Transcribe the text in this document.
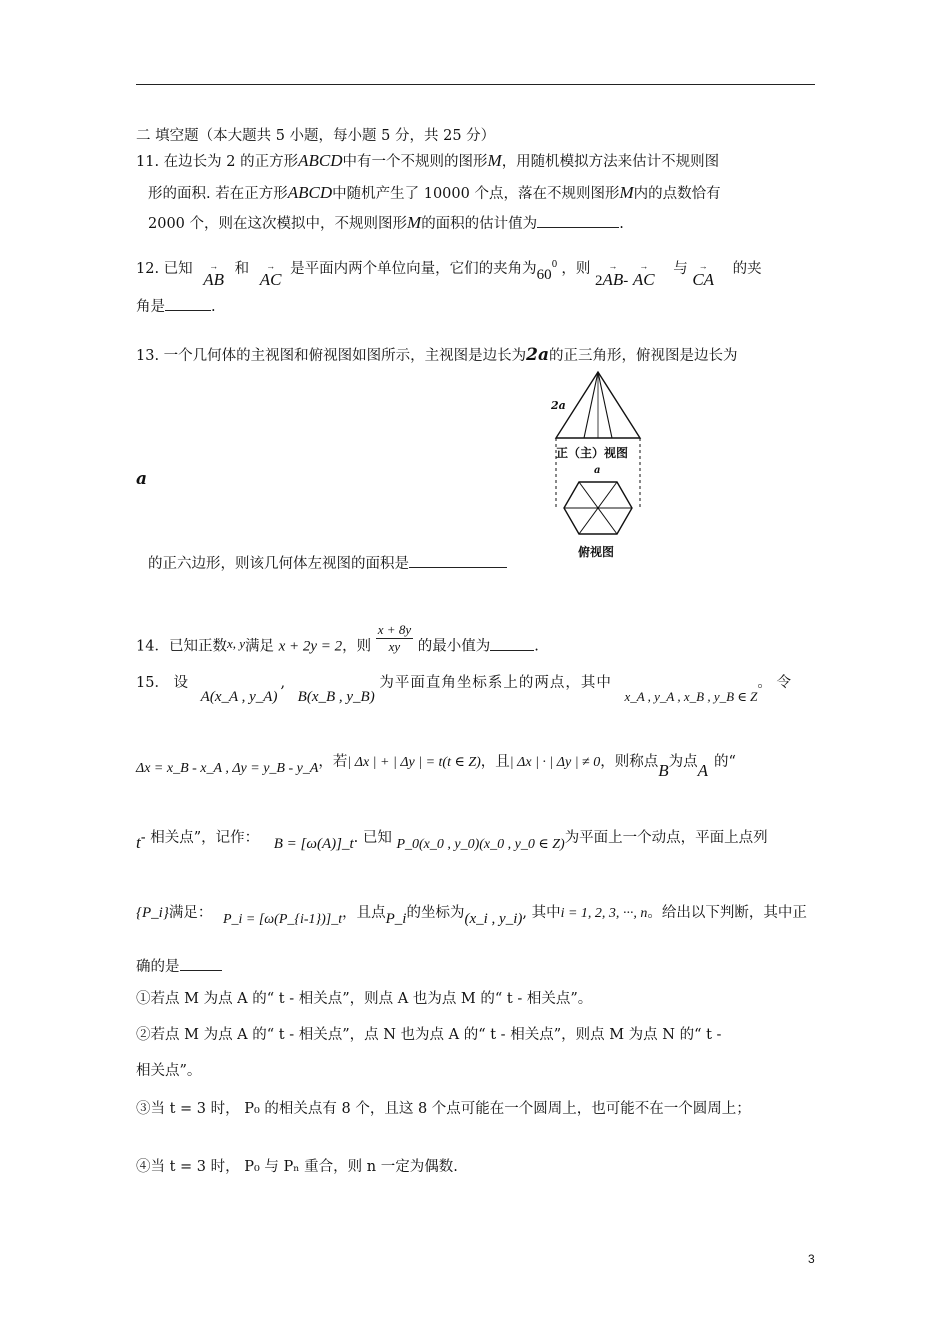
二 填空题（本大题共 5 小题，每小题 5 分，共 25 分）
11. 在边长为 2 的正方形ABCD中有一个不规则的图形M，用随机模拟方法来估计不规则图
形的面积. 若在正方形ABCD中随机产生了 10000 个点，落在不规则图形M内的点数恰有
2000 个，则在这次模拟中，不规则图形M的面积的估计值为	.
12. 已知 → AB 和 → AC 是平面内两个单位向量，它们的夹角为$60^0$ ，则 2→ AB- → AC 与 → CA 的夹
角是	.
13. 一个几何体的主视图和俯视图如图所示，主视图是边长为2a的正三角形，俯视图是边长为
a
2a
正（主）视图
a
俯视图
的正六边形，则该几何体左视图的面积是
14．已知正数x, y满足 x + 2y = 2，则 $\frac{x + 8y}{xy}$ 的最小值为	.
15． 设 A(x_A , y_A), B(x_B , y_B) 为平面直角坐标系上的两点，其中 x_A , y_A , x_B , y_B ∈ Z。 令
Δx = x_B - x_A , Δy = y_B - y_A，若| Δx | + | Δy | = t(t ∈ Z)，且| Δx | · | Δy | ≠ 0，则称点B为点A 的“
t- 相关点”，记作： B = [ω(A)]_t. 已知 P_0(x_0 , y_0)(x_0 , y_0 ∈ Z)为平面上一个动点，平面上点列
{P_i}满足： P_i = [ω(P_{i-1})]_t，且点P_i的坐标为(x_i , y_i), 其中i = 1, 2, 3, ···, n。给出以下判断，其中正
确的是
①若点 M 为点 A 的“ t - 相关点”，则点 A 也为点 M 的“ t - 相关点”。
②若点 M 为点 A 的“ t - 相关点”，点 N 也为点 A 的“ t - 相关点”，则点 M 为点 N 的“ t -
相关点”。
③当 t = 3 时， P₀ 的相关点有 8 个，且这 8 个点可能在一个圆周上，也可能不在一个圆周上；
④当 t = 3 时， P₀ 与 Pₙ 重合，则 n 一定为偶数.
3
